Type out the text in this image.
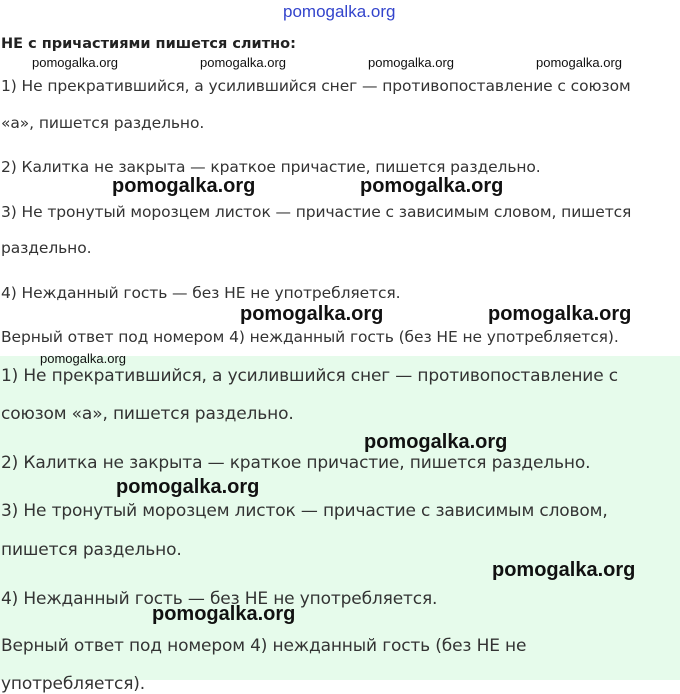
pomogalka.org
НЕ с причастиями пишется слитно:
1) Не прекратившийся, а усилившийся снег — противопоставление с союзом
«а», пишется раздельно.
2) Калитка не закрыта — краткое причастие, пишется раздельно.
3) Не тронутый морозцем листок — причастие с зависимым словом, пишется
раздельно.
4) Нежданный гость — без НЕ не употребляется.
Верный ответ под номером 4) нежданный гость (без НЕ не употребляется).
1) Не прекратившийся, а усилившийся снег — противопоставление с
союзом «а», пишется раздельно.
2) Калитка не закрыта — краткое причастие, пишется раздельно.
3) Не тронутый морозцем листок — причастие с зависимым словом,
пишется раздельно.
4) Нежданный гость — без НЕ не употребляется.
Верный ответ под номером 4) нежданный гость (без НЕ не
употребляется).
pomogalka.org	pomogalka.org	pomogalka.org	pomogalka.org
pomogalka.org	pomogalka.org
pomogalka.org	pomogalka.org
pomogalka.org
pomogalka.org
pomogalka.org
pomogalka.org
pomogalka.org
